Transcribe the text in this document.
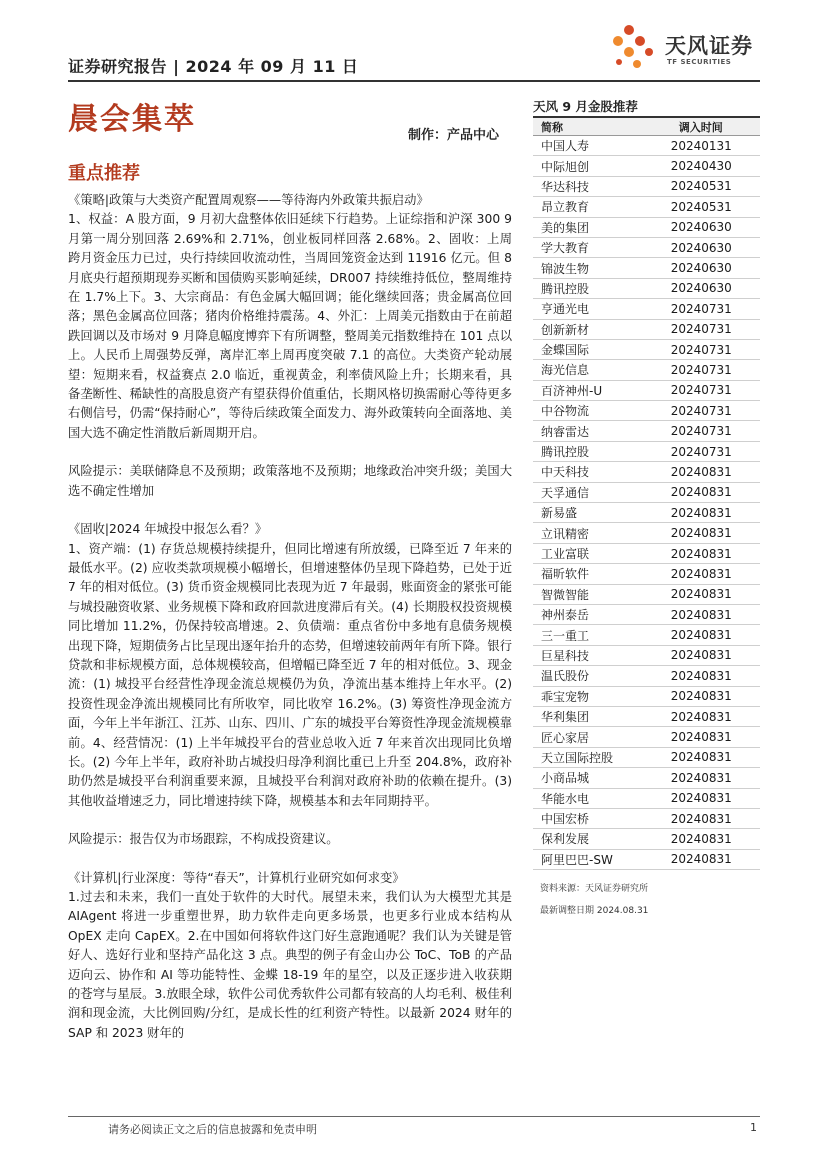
证券研究报告 | 2024 年 09 月 11 日
天风证券
TF SECURITIES
晨会集萃	制作：产品中心
重点推荐
《策略|政策与大类资产配置周观察——等待海内外政策共振启动》
1、权益：A 股方面，9 月初大盘整体依旧延续下行趋势。上证综指和沪深 300 9 月第一周分别回落 2.69%和 2.71%，创业板同样回落 2.68%。2、固收：上周跨月资金压力已过，央行持续回收流动性，当周回笼资金达到 11916 亿元。但 8 月底央行超预期现券买断和国债购买影响延续，DR007 持续维持低位，整周维持在 1.7%上下。3、大宗商品：有色金属大幅回调；能化继续回落；贵金属高位回落；黑色金属高位回落；猪肉价格维持震荡。4、外汇：上周美元指数由于在前超跌回调以及市场对 9 月降息幅度博弈下有所调整，整周美元指数维持在 101 点以上。人民币上周强势反弹，离岸汇率上周再度突破 7.1 的高位。大类资产轮动展望：短期来看，权益赛点 2.0 临近，重视黄金，利率债风险上升；长期来看，具备垄断性、稀缺性的高股息资产有望获得价值重估，长期风格切换需耐心等待更多右侧信号，仍需“保持耐心”，等待后续政策全面发力、海外政策转向全面落地、美国大选不确定性消散后新周期开启。
风险提示：美联储降息不及预期；政策落地不及预期；地缘政治冲突升级；美国大选不确定性增加
《固收|2024 年城投中报怎么看？》
1、资产端：(1) 存货总规模持续提升，但同比增速有所放缓，已降至近 7 年来的最低水平。(2) 应收类款项规模小幅增长，但增速整体仍呈现下降趋势，已处于近 7 年的相对低位。(3) 货币资金规模同比表现为近 7 年最弱，账面资金的紧张可能与城投融资收紧、业务规模下降和政府回款进度滞后有关。(4) 长期股权投资规模同比增加 11.2%，仍保持较高增速。2、负债端：重点省份中多地有息债务规模出现下降，短期债务占比呈现出逐年抬升的态势，但增速较前两年有所下降。银行贷款和非标规模方面，总体规模较高，但增幅已降至近 7 年的相对低位。3、现金流：(1) 城投平台经营性净现金流总规模仍为负，净流出基本维持上年水平。(2) 投资性现金净流出规模同比有所收窄，同比收窄 16.2%。(3) 筹资性净现金流方面，今年上半年浙江、江苏、山东、四川、广东的城投平台筹资性净现金流规模靠前。4、经营情况：(1) 上半年城投平台的营业总收入近 7 年来首次出现同比负增长。(2) 今年上半年，政府补助占城投归母净利润比重已上升至 204.8%，政府补助仍然是城投平台利润重要来源，且城投平台利润对政府补助的依赖在提升。(3) 其他收益增速乏力，同比增速持续下降，规模基本和去年同期持平。
风险提示：报告仅为市场跟踪，不构成投资建议。
《计算机|行业深度：等待“春天”，计算机行业研究如何求变》
1.过去和未来，我们一直处于软件的大时代。展望未来，我们认为大模型尤其是 AIAgent 将进一步重塑世界，助力软件走向更多场景，也更多行业成本结构从 OpEX 走向 CapEX。2.在中国如何将软件这门好生意跑通呢？我们认为关键是管好人、选好行业和坚持产品化这 3 点。典型的例子有金山办公 ToC、ToB 的产品迈向云、协作和 AI 等功能特性、金蝶 18-19 年的星空，以及正逐步进入收获期的苍穹与星辰。3.放眼全球，软件公司优秀软件公司都有较高的人均毛利、极佳利润和现金流，大比例回购/分红，是成长性的红利资产特性。以最新 2024 财年的 SAP 和 2023 财年的
天风 9 月金股推荐
简称	调入时间
中国人寿	20240131
中际旭创	20240430
华达科技	20240531
昂立教育	20240531
美的集团	20240630
学大教育	20240630
锦波生物	20240630
腾讯控股	20240630
亨通光电	20240731
创新新材	20240731
金蝶国际	20240731
海光信息	20240731
百济神州-U	20240731
中谷物流	20240731
纳睿雷达	20240731
腾讯控股	20240731
中天科技	20240831
天孚通信	20240831
新易盛	20240831
立讯精密	20240831
工业富联	20240831
福昕软件	20240831
智微智能	20240831
神州泰岳	20240831
三一重工	20240831
巨星科技	20240831
温氏股份	20240831
乖宝宠物	20240831
华利集团	20240831
匠心家居	20240831
天立国际控股	20240831
小商品城	20240831
华能水电	20240831
中国宏桥	20240831
保利发展	20240831
阿里巴巴-SW	20240831
资料来源：天风证券研究所
最新调整日期 2024.08.31
请务必阅读正文之后的信息披露和免责申明	1
